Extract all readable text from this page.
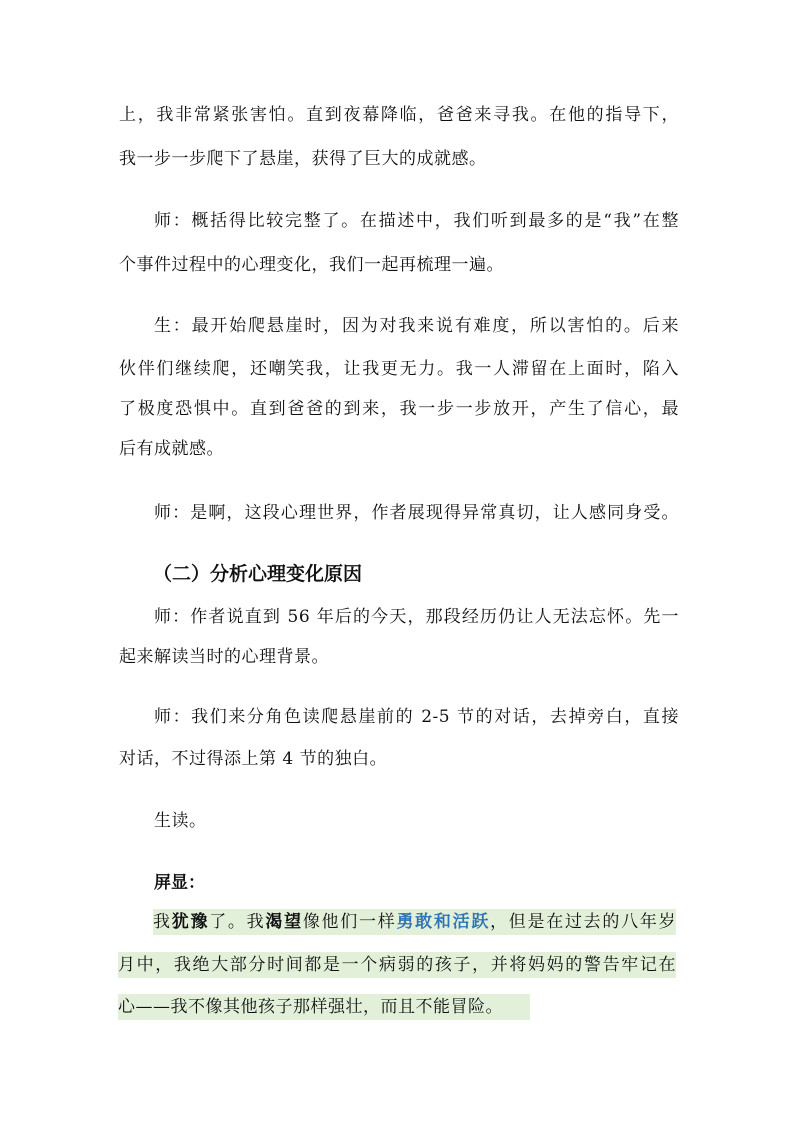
上，我非常紧张害怕。直到夜幕降临，爸爸来寻我。在他的指导下，
我一步一步爬下了悬崖，获得了巨大的成就感。
师：概括得比较完整了。在描述中，我们听到最多的是“我”在整
个事件过程中的心理变化，我们一起再梳理一遍。
生：最开始爬悬崖时，因为对我来说有难度，所以害怕的。后来
伙伴们继续爬，还嘲笑我，让我更无力。我一人滞留在上面时，陷入
了极度恐惧中。直到爸爸的到来，我一步一步放开，产生了信心，最
后有成就感。
师：是啊，这段心理世界，作者展现得异常真切，让人感同身受。
（二）分析心理变化原因
师：作者说直到 56 年后的今天，那段经历仍让人无法忘怀。先一
起来解读当时的心理背景。
师：我们来分角色读爬悬崖前的 2-5 节的对话，去掉旁白，直接
对话，不过得添上第 4 节的独白。
生读。
屏显：
我犹豫了。我渴望像他们一样勇敢和活跃，但是在过去的八年岁
月中，我绝大部分时间都是一个病弱的孩子，并将妈妈的警告牢记在
心——我不像其他孩子那样强壮，而且不能冒险。
